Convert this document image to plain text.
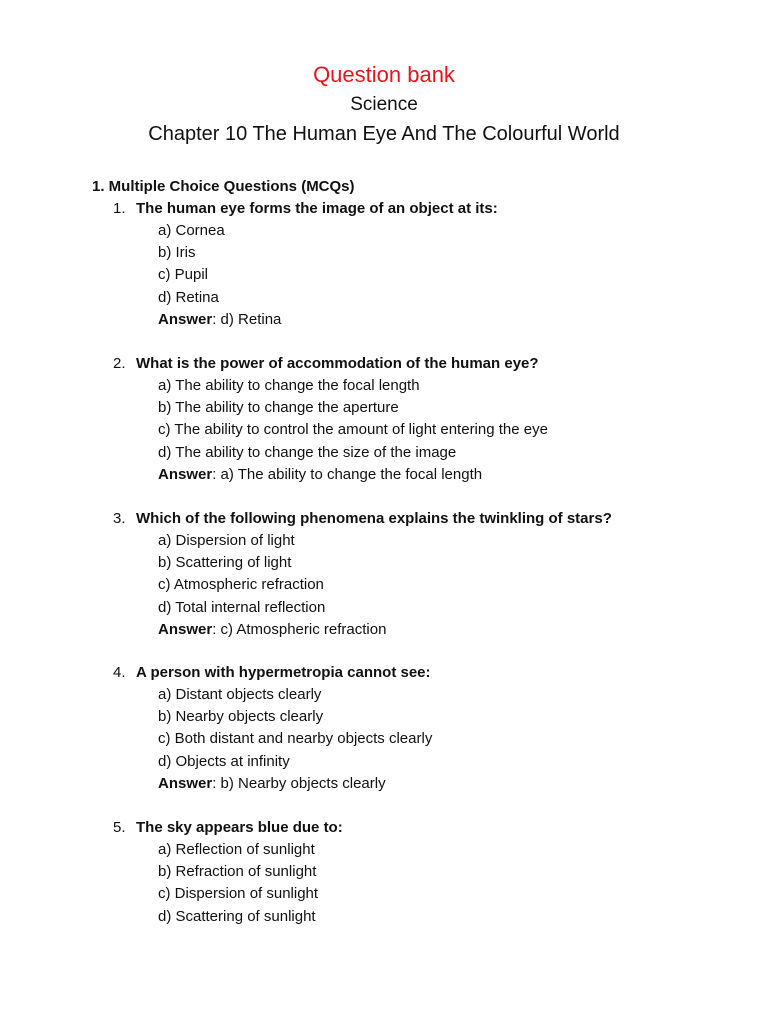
Question bank
Science
Chapter 10 The Human Eye And The Colourful World
1. Multiple Choice Questions (MCQs)
1. The human eye forms the image of an object at its:
a) Cornea
b) Iris
c) Pupil
d) Retina
Answer: d) Retina
2. What is the power of accommodation of the human eye?
a) The ability to change the focal length
b) The ability to change the aperture
c) The ability to control the amount of light entering the eye
d) The ability to change the size of the image
Answer: a) The ability to change the focal length
3. Which of the following phenomena explains the twinkling of stars?
a) Dispersion of light
b) Scattering of light
c) Atmospheric refraction
d) Total internal reflection
Answer: c) Atmospheric refraction
4. A person with hypermetropia cannot see:
a) Distant objects clearly
b) Nearby objects clearly
c) Both distant and nearby objects clearly
d) Objects at infinity
Answer: b) Nearby objects clearly
5. The sky appears blue due to:
a) Reflection of sunlight
b) Refraction of sunlight
c) Dispersion of sunlight
d) Scattering of sunlight
